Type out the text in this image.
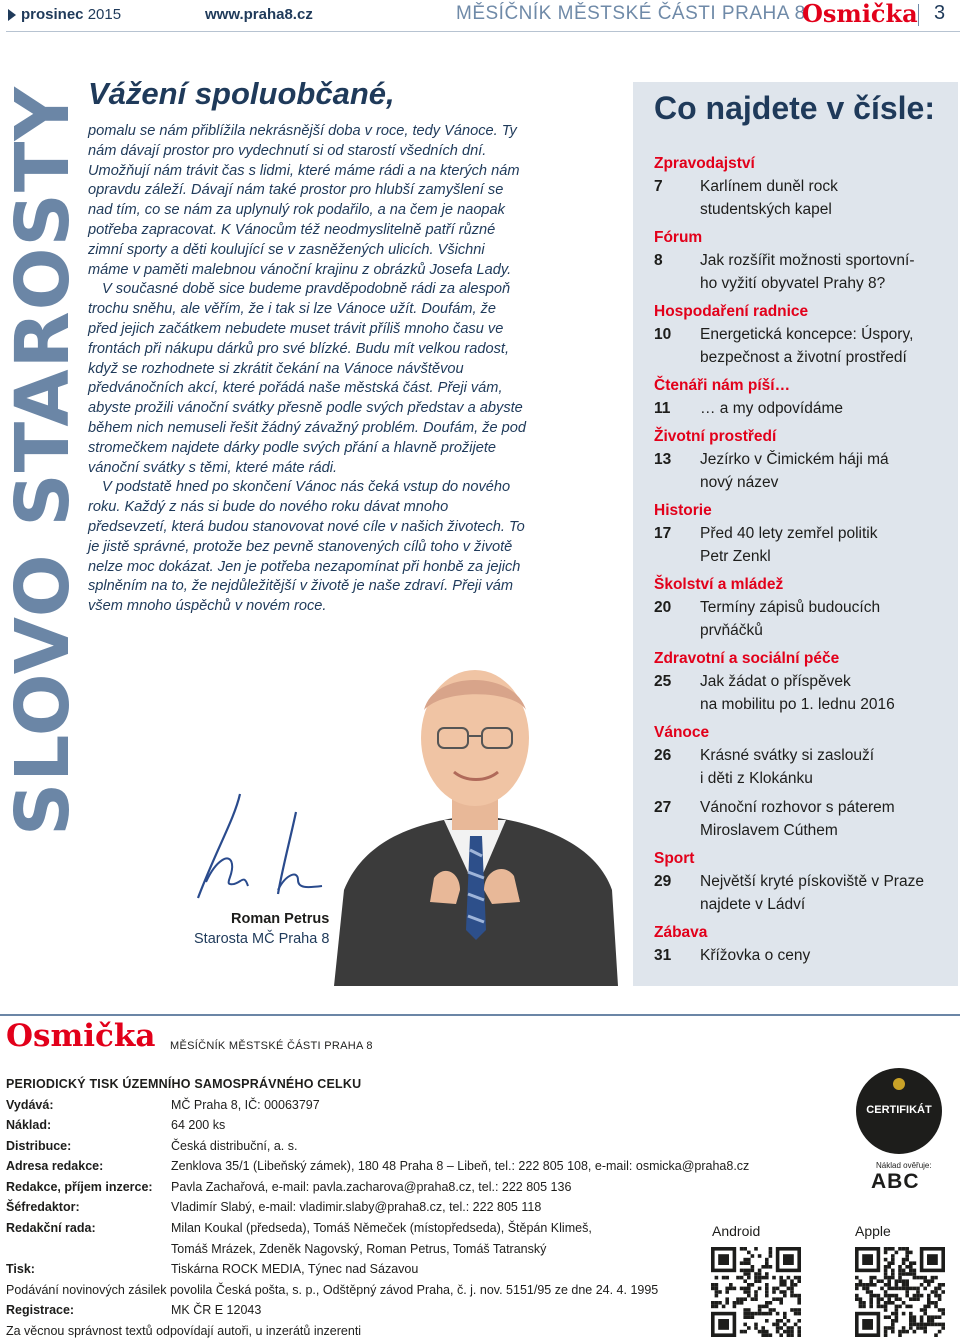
prosinec 2015	www.praha8.cz	MĚSÍČNÍK MĚSTSKÉ ČÁSTI PRAHA 8
Osmička 3
SLOVO STAROSTY Vážení spoluobčané,

pomalu se nám přiblížila nekrásnější doba v roce, tedy Vánoce. Ty nám dávají prostor pro vydechnutí si od starostí všedních dní. Umožňují nám trávit čas s lidmi, které máme rádi a na kterých nám opravdu záleží. Dávají nám také prostor pro hlubší zamyšlení se nad tím, co se nám za uplynulý rok podařilo, a na čem je naopak potřeba zapracovat. K Vánocům též neodmyslitelně patří různé zimní sporty a děti koulující se v zasněžených ulicích. Všichni máme v paměti malebnou vánoční krajinu z obrázků Josefa Lady.

V současné době sice budeme pravděpodobně rádi za alespoň trochu sněhu, ale věřím, že i tak si lze Vánoce užít. Doufám, že před jejich začátkem nebudete muset trávit příliš mnoho času ve frontách při nákupu dárků pro své blízké. Budu mít velkou radost, když se rozhodnete si zkrátit čekání na Vánoce návštěvou předvánočních akcí, které pořádá naše městská část. Přeji vám, abyste prožili vánoční svátky přesně podle svých představ a abyste během nich nemuseli řešit žádný závažný problém. Doufám, že pod stromečkem najdete dárky podle svých přání a hlavně prožijete vánoční svátky s těmi, které máte rádi.

V podstatě hned po skončení Vánoc nás čeká vstup do nového roku. Každý z nás si bude do nového roku dávat mnoho předsevzetí, která budou stanovovat nové cíle v našich životech. To je jistě správné, protože bez pevně stanovených cílů toho v životě nelze moc dokázat. Jen je potřeba nezapomínat při honbě za jejich splněním na to, že nejdůležitější v životě je naše zdraví. Přeji vám všem mnoho úspěchů v novém roce.

Roman Petrus
Starosta MČ Praha 8
Co najdete v čísle:
Zpravodajství
7 Karlínem duněl rock
studentských kapel
Fórum
8 Jak rozšířit možnosti sportovní-
ho vyžití obyvatel Prahy 8?
Hospodaření radnice
10 Energetická koncepce: Úspory,
bezpečnost a životní prostředí
Čtenáři nám píší…
11 … a my odpovídáme
Životní prostředí
13 Jezírko v Čimickém háji má
nový název
Historie
17 Před 40 lety zemřel politik
Petr Zenkl
Školství a mládež
20 Termíny zápisů budoucích
prvňáčků
Zdravotní a sociální péče
25 Jak žádat o příspěvek
na mobilitu po 1. lednu 2016
Vánoce
26 Krásné svátky si zaslouží
i děti z Klokánku
27 Vánoční rozhovor s páterem
Miroslavem Cúthem
Sport
29 Největší kryté pískoviště v Praze
najdete v Ládví
Zábava
31 Křížovka o ceny
Osmička MĚSÍČNÍK MĚSTSKÉ ČÁSTI PRAHA 8
PERIODICKÝ TISK ÚZEMNÍHO SAMOSPRÁVNÉHO CELKU
Vydává:	MČ Praha 8, IČ: 00063797
Náklad:	64 200 ks
Distribuce:	Česká distribuční, a. s.
Adresa redakce:	Zenklova 35/1 (Libeňský zámek), 180 48 Praha 8 – Libeň, tel.: 222 805 108, e-mail: osmicka@praha8.cz
Redakce, příjem inzerce: Pavla Zachařová, e-mail: pavla.zacharova@praha8.cz, tel.: 222 805 136
Šéfredaktor:	Vladimír Slabý, e-mail: vladimir.slaby@praha8.cz, tel.: 222 805 118
Redakční rada:	Milan Koukal (předseda), Tomáš Němeček (místopředseda), Štěpán Klimeš,
Tomáš Mrázek, Zdeněk Nagovský, Roman Petrus, Tomáš Tatranský
Tisk:	Tiskárna ROCK MEDIA, Týnec nad Sázavou
Podávání novinových zásilek povolila Česká pošta, s. p., Odštěpný závod Praha, č. j. nov. 5151/95 ze dne 24. 4. 1995
Registrace:	MK ČR E 12043
Za věcnou správnost textů odpovídají autoři, u inzerátů inzerenti
CERTIFIKÁT
Náklad ověřuje:
ABC
Android	Apple
